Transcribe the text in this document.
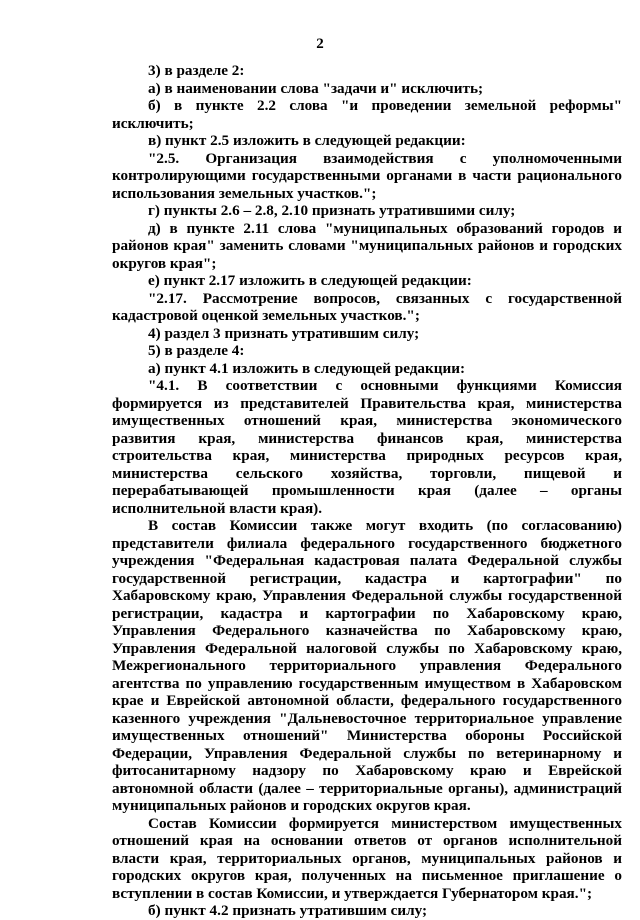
2

3) в разделе 2:

а) в наименовании слова "задачи и" исключить;

б) в пункте 2.2 слова "и проведении земельной реформы" исключить;

в) пункт 2.5 изложить в следующей редакции:

"2.5. Организация взаимодействия с уполномоченными контролирующими государственными органами в части рационального использования земельных участков.";

г) пункты 2.6 – 2.8, 2.10 признать утратившими силу;

д) в пункте 2.11 слова "муниципальных образований городов и районов края" заменить словами "муниципальных районов и городских округов края";

е) пункт 2.17 изложить в следующей редакции:

"2.17. Рассмотрение вопросов, связанных с государственной кадастровой оценкой земельных участков.";

4) раздел 3 признать утратившим силу;

5) в разделе 4:

а) пункт 4.1 изложить в следующей редакции:

"4.1. В соответствии с основными функциями Комиссия формируется из представителей Правительства края, министерства имущественных отношений края, министерства экономического развития края, министерства финансов края, министерства строительства края, министерства природных ресурсов края, министерства сельского хозяйства, торговли, пищевой и перерабатывающей промышленности края (далее – органы исполнительной власти края).

В состав Комиссии также могут входить (по согласованию) представители филиала федерального государственного бюджетного учреждения "Федеральная кадастровая палата Федеральной службы государственной регистрации, кадастра и картографии" по Хабаровскому краю, Управления Федеральной службы государственной регистрации, кадастра и картографии по Хабаровскому краю, Управления Федерального казначейства по Хабаровскому краю, Управления Федеральной налоговой службы по Хабаровскому краю, Межрегионального территориального управления Федерального агентства по управлению государственным имуществом в Хабаровском крае и Еврейской автономной области, федерального государственного казенного учреждения "Дальневосточное территориальное управление имущественных отношений" Министерства обороны Российской Федерации, Управления Федеральной службы по ветеринарному и фитосанитарному надзору по Хабаровскому краю и Еврейской автономной области (далее – территориальные органы), администраций муниципальных районов и городских округов края.

Состав Комиссии формируется министерством имущественных отношений края на основании ответов от органов исполнительной власти края, территориальных органов, муниципальных районов и городских округов края, полученных на письменное приглашение о вступлении в состав Комиссии, и утверждается Губернатором края.";

б) пункт 4.2 признать утратившим силу;
